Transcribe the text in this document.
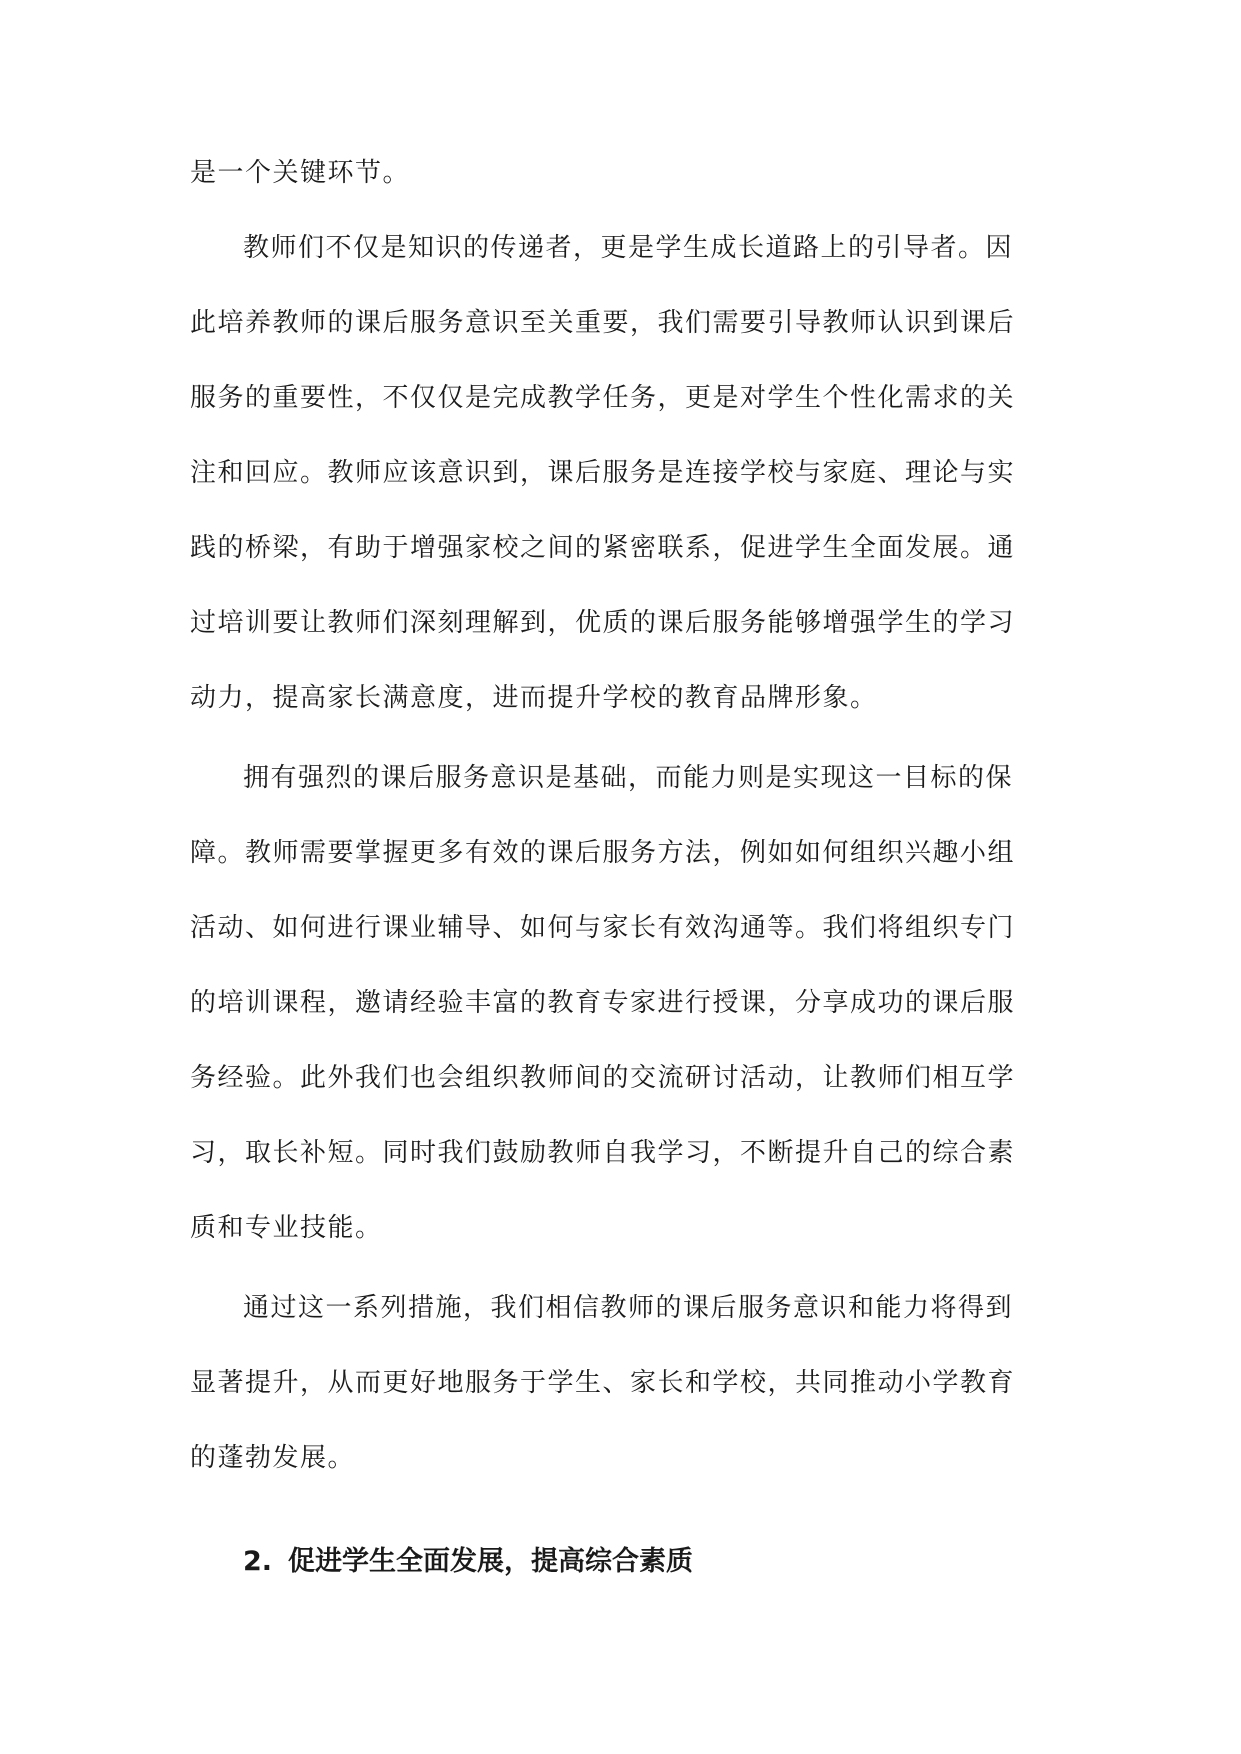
是一个关键环节。
教师们不仅是知识的传递者，更是学生成长道路上的引导者。因
此培养教师的课后服务意识至关重要，我们需要引导教师认识到课后
服务的重要性，不仅仅是完成教学任务，更是对学生个性化需求的关
注和回应。教师应该意识到，课后服务是连接学校与家庭、理论与实
践的桥梁，有助于增强家校之间的紧密联系，促进学生全面发展。通
过培训要让教师们深刻理解到，优质的课后服务能够增强学生的学习
动力，提高家长满意度，进而提升学校的教育品牌形象。
拥有强烈的课后服务意识是基础，而能力则是实现这一目标的保
障。教师需要掌握更多有效的课后服务方法，例如如何组织兴趣小组
活动、如何进行课业辅导、如何与家长有效沟通等。我们将组织专门
的培训课程，邀请经验丰富的教育专家进行授课，分享成功的课后服
务经验。此外我们也会组织教师间的交流研讨活动，让教师们相互学
习，取长补短。同时我们鼓励教师自我学习，不断提升自己的综合素
质和专业技能。
通过这一系列措施，我们相信教师的课后服务意识和能力将得到
显著提升，从而更好地服务于学生、家长和学校，共同推动小学教育
的蓬勃发展。
2. 促进学生全面发展，提高综合素质
